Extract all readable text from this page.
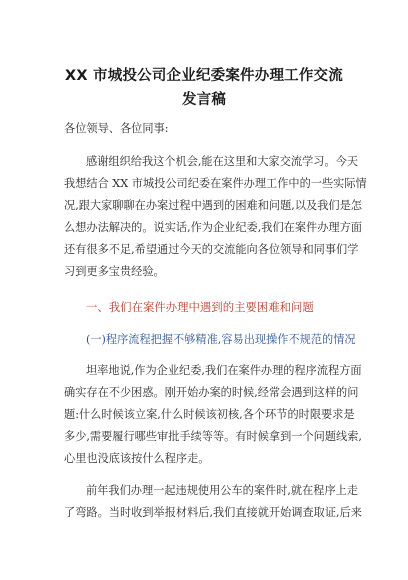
XX 市城投公司企业纪委案件办理工作交流
发言稿
各位领导、各位同事:
感谢组织给我这个机会,能在这里和大家交流学习。今天
我想结合 XX 市城投公司纪委在案件办理工作中的一些实际情
况,跟大家聊聊在办案过程中遇到的困难和问题,以及我们是怎
么想办法解决的。说实话,作为企业纪委,我们在案件办理方面
还有很多不足,希望通过今天的交流能向各位领导和同事们学
习到更多宝贵经验。
一、我们在案件办理中遇到的主要困难和问题
(一)程序流程把握不够精准,容易出现操作不规范的情况
坦率地说,作为企业纪委,我们在案件办理的程序流程方面
确实存在不少困惑。刚开始办案的时候,经常会遇到这样的问
题:什么时候该立案,什么时候该初核,各个环节的时限要求是
多少,需要履行哪些审批手续等等。有时候拿到一个问题线索,
心里也没底该按什么程序走。
前年我们办理一起违规使用公车的案件时,就在程序上走
了弯路。当时收到举报材料后,我们直接就开始调查取证,后来
